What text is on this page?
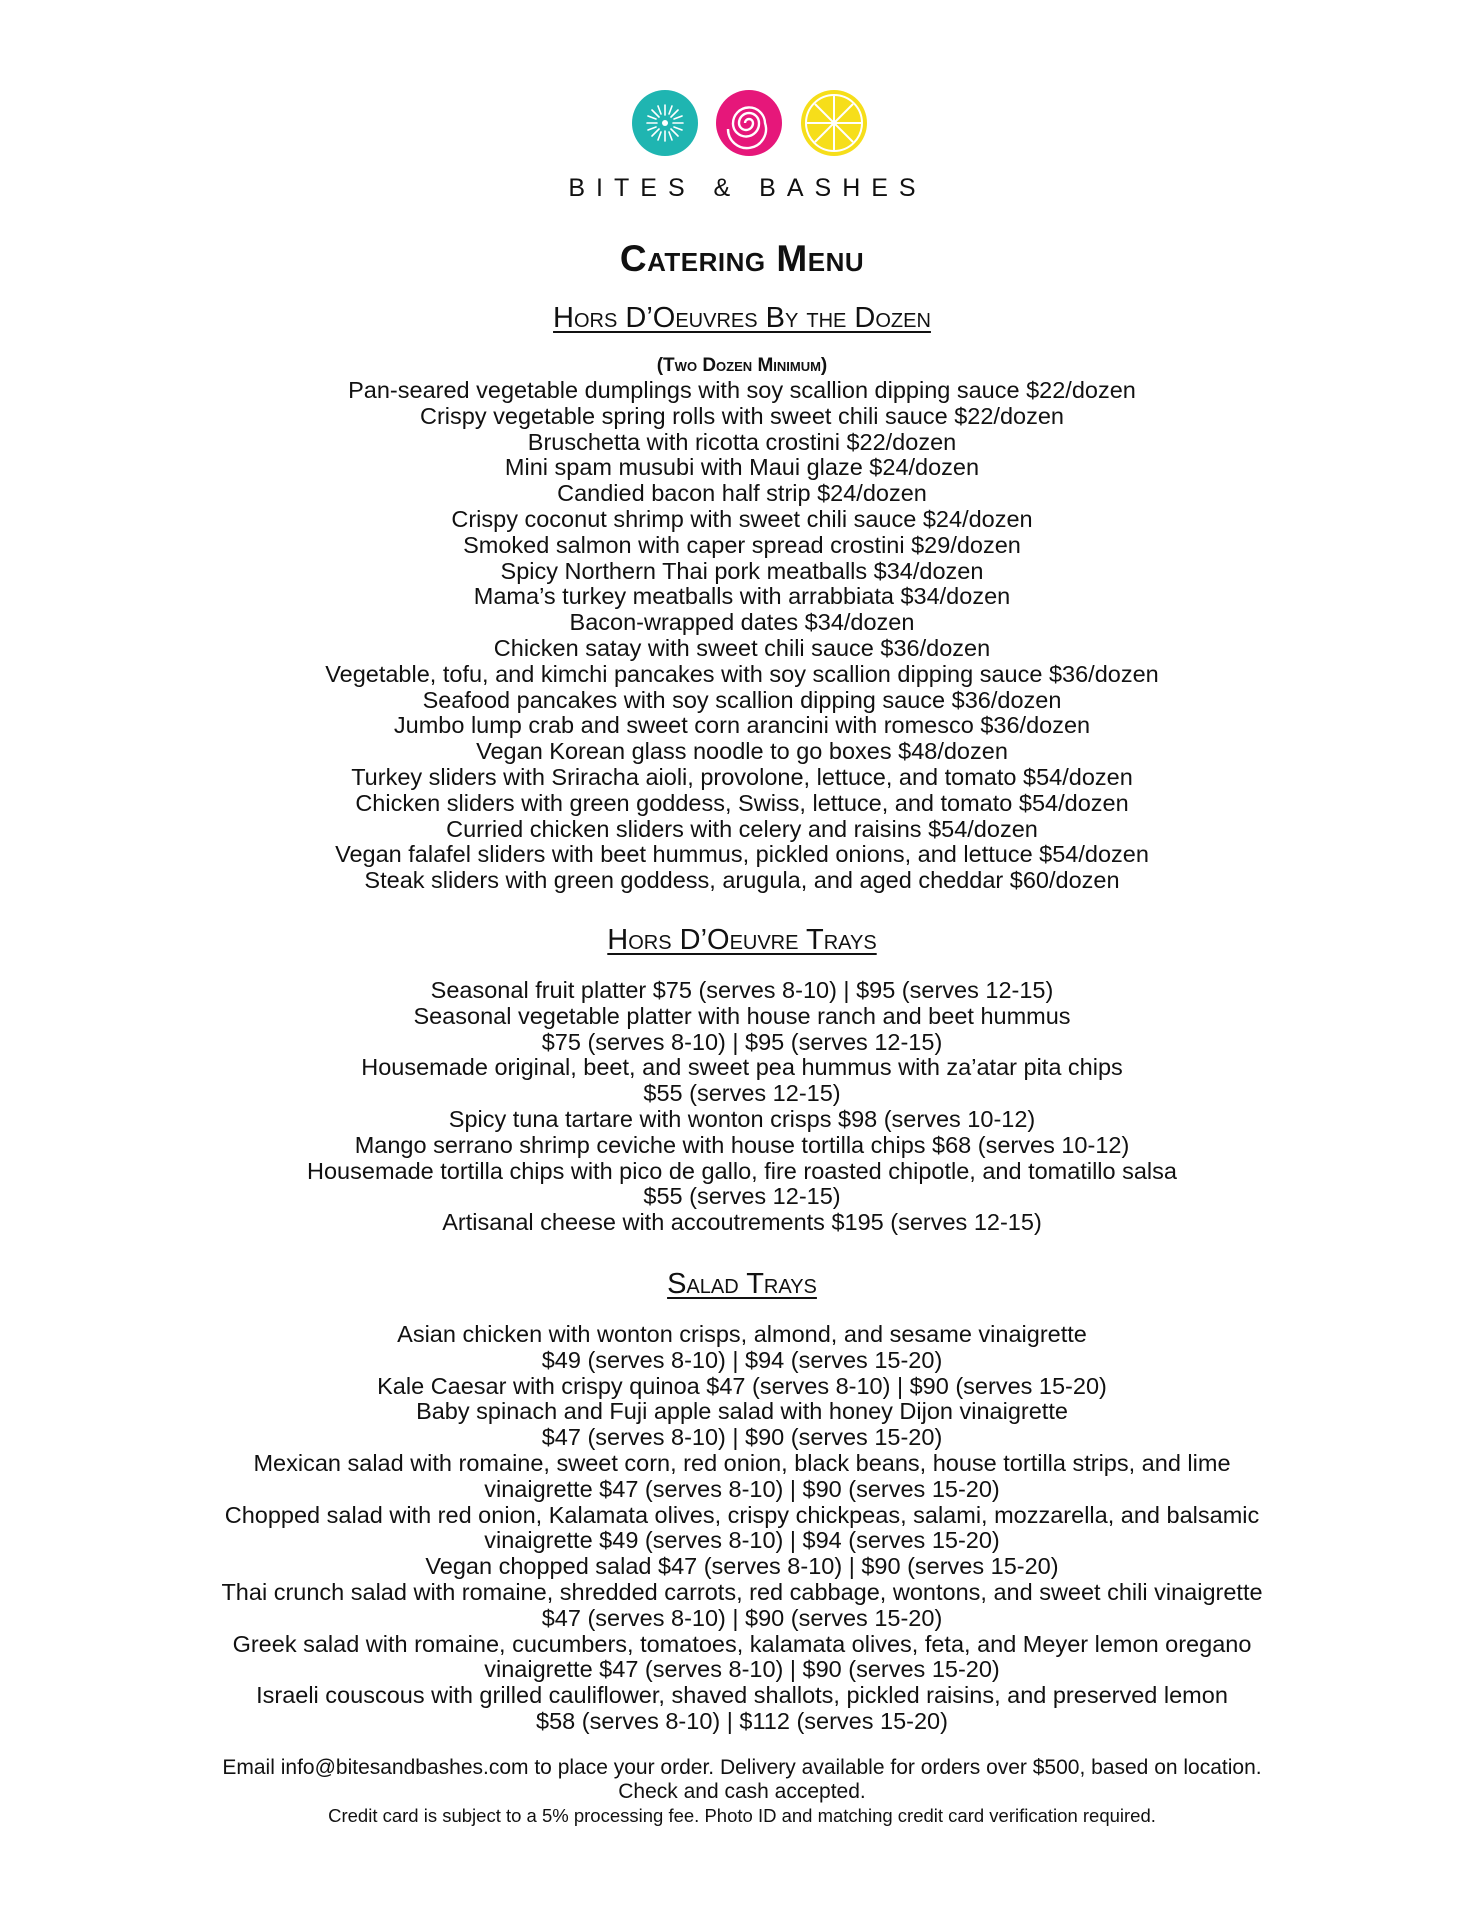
BITES & BASHES
Catering Menu
Hors D’Oeuvres By the Dozen
(Two Dozen Minimum)
Pan-seared vegetable dumplings with soy scallion dipping sauce $22/dozen
Crispy vegetable spring rolls with sweet chili sauce $22/dozen
Bruschetta with ricotta crostini $22/dozen
Mini spam musubi with Maui glaze $24/dozen
Candied bacon half strip $24/dozen
Crispy coconut shrimp with sweet chili sauce $24/dozen
Smoked salmon with caper spread crostini $29/dozen
Spicy Northern Thai pork meatballs $34/dozen
Mama’s turkey meatballs with arrabbiata $34/dozen
Bacon-wrapped dates $34/dozen
Chicken satay with sweet chili sauce $36/dozen
Vegetable, tofu, and kimchi pancakes with soy scallion dipping sauce $36/dozen
Seafood pancakes with soy scallion dipping sauce $36/dozen
Jumbo lump crab and sweet corn arancini with romesco $36/dozen
Vegan Korean glass noodle to go boxes $48/dozen
Turkey sliders with Sriracha aioli, provolone, lettuce, and tomato $54/dozen
Chicken sliders with green goddess, Swiss, lettuce, and tomato $54/dozen
Curried chicken sliders with celery and raisins $54/dozen
Vegan falafel sliders with beet hummus, pickled onions, and lettuce $54/dozen
Steak sliders with green goddess, arugula, and aged cheddar $60/dozen
Hors D’Oeuvre Trays
Seasonal fruit platter $75 (serves 8-10) | $95 (serves 12-15)
Seasonal vegetable platter with house ranch and beet hummus
$75 (serves 8-10) | $95 (serves 12-15)
Housemade original, beet, and sweet pea hummus with za’atar pita chips
$55 (serves 12-15)
Spicy tuna tartare with wonton crisps $98 (serves 10-12)
Mango serrano shrimp ceviche with house tortilla chips $68 (serves 10-12)
Housemade tortilla chips with pico de gallo, fire roasted chipotle, and tomatillo salsa
$55 (serves 12-15)
Artisanal cheese with accoutrements $195 (serves 12-15)
Salad Trays
Asian chicken with wonton crisps, almond, and sesame vinaigrette
$49 (serves 8-10) | $94 (serves 15-20)
Kale Caesar with crispy quinoa $47 (serves 8-10) | $90 (serves 15-20)
Baby spinach and Fuji apple salad with honey Dijon vinaigrette
$47 (serves 8-10) | $90 (serves 15-20)
Mexican salad with romaine, sweet corn, red onion, black beans, house tortilla strips, and lime
vinaigrette $47 (serves 8-10) | $90 (serves 15-20)
Chopped salad with red onion, Kalamata olives, crispy chickpeas, salami, mozzarella, and balsamic
vinaigrette $49 (serves 8-10) | $94 (serves 15-20)
Vegan chopped salad $47 (serves 8-10) | $90 (serves 15-20)
Thai crunch salad with romaine, shredded carrots, red cabbage, wontons, and sweet chili vinaigrette
$47 (serves 8-10) | $90 (serves 15-20)
Greek salad with romaine, cucumbers, tomatoes, kalamata olives, feta, and Meyer lemon oregano
vinaigrette $47 (serves 8-10) | $90 (serves 15-20)
Israeli couscous with grilled cauliflower, shaved shallots, pickled raisins, and preserved lemon
$58 (serves 8-10) | $112 (serves 15-20)
Email info@bitesandbashes.com to place your order. Delivery available for orders over $500, based on location.
Check and cash accepted.
Credit card is subject to a 5% processing fee. Photo ID and matching credit card verification required.
